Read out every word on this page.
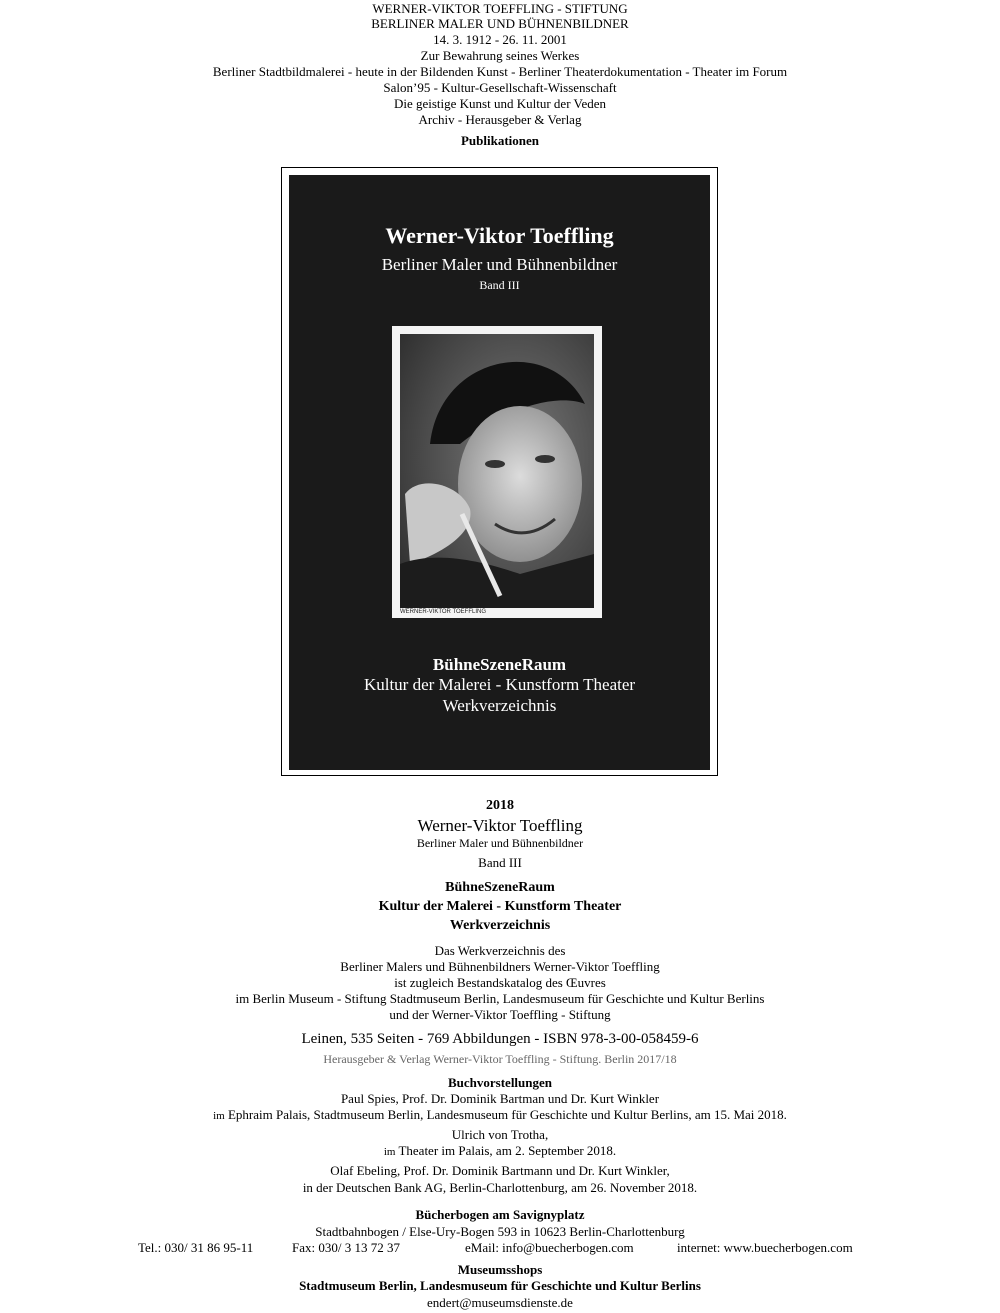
WERNER-VIKTOR TOEFFLING - STIFTUNG
BERLINER MALER UND BÜHNENBILDNER
14. 3. 1912 - 26. 11. 2001
Zur Bewahrung seines Werkes
Berliner Stadtbildmalerei - heute in der Bildenden Kunst - Berliner Theaterdokumentation - Theater im Forum
Salon’95 - Kultur-Gesellschaft-Wissenschaft
Die geistige Kunst und Kultur der Veden
Archiv - Herausgeber & Verlag
Publikationen
Werner-Viktor Toeffling
Berliner Maler und Bühnenbildner
Band III
WERNER-VIKTOR TOEFFLING
BühneSzeneRaum
Kultur der Malerei - Kunstform Theater
Werkverzeichnis
2018
Werner-Viktor Toeffling
Berliner Maler und Bühnenbildner
Band III
BühneSzeneRaum
Kultur der Malerei - Kunstform Theater
Werkverzeichnis
Das Werkverzeichnis des
Berliner Malers und Bühnenbildners Werner-Viktor Toeffling
ist zugleich Bestandskatalog des Œuvres
im Berlin Museum - Stiftung Stadtmuseum Berlin, Landesmuseum für Geschichte und Kultur Berlins
und der Werner-Viktor Toeffling - Stiftung
Leinen, 535 Seiten - 769 Abbildungen - ISBN 978-3-00-058459-6
Herausgeber & Verlag Werner-Viktor Toeffling - Stiftung. Berlin 2017/18
Buchvorstellungen
Paul Spies, Prof. Dr. Dominik Bartman und Dr. Kurt Winkler
im Ephraim Palais, Stadtmuseum Berlin, Landesmuseum für Geschichte und Kultur Berlins, am 15. Mai 2018.
Ulrich von Trotha,
im Theater im Palais, am 2. September 2018.
Olaf Ebeling, Prof. Dr. Dominik Bartmann und Dr. Kurt Winkler,
in der Deutschen Bank AG, Berlin-Charlottenburg, am 26. November 2018.
Bücherbogen am Savignyplatz
Stadtbahnbogen / Else-Ury-Bogen 593 in 10623 Berlin-Charlottenburg
Tel.: 030/ 31 86 95-11	Fax: 030/ 3 13 72 37	eMail: info@buecherbogen.com	internet: www.buecherbogen.com
Museumsshops
Stadtmuseum Berlin, Landesmuseum für Geschichte und Kultur Berlins
endert@museumsdienste.de
